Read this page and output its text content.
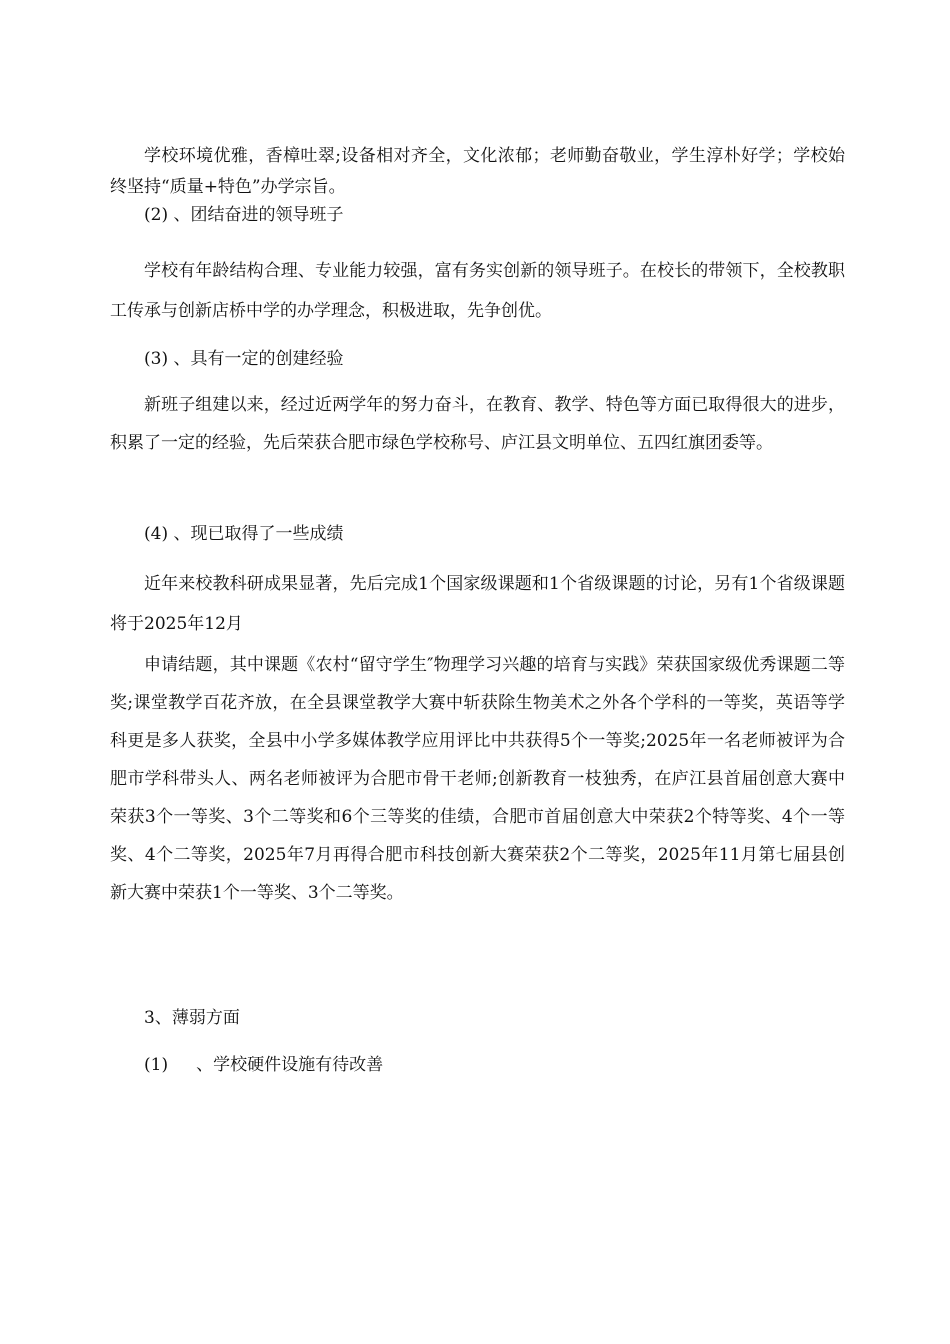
学校环境优雅，香樟吐翠;设备相对齐全，文化浓郁；老师勤奋敬业，学生淳朴好学；学校始终坚持“质量+特色”办学宗旨。

(2) 、团结奋进的领导班子

学校有年龄结构合理、专业能力较强，富有务实创新的领导班子。在校长的带领下，全校教职工传承与创新店桥中学的办学理念，积极进取，先争创优。

(3) 、具有一定的创建经验

新班子组建以来，经过近两学年的努力奋斗，在教育、教学、特色等方面已取得很大的进步，积累了一定的经验，先后荣获合肥市绿色学校称号、庐江县文明单位、五四红旗团委等。

(4) 、现已取得了一些成绩

近年来校教科研成果显著，先后完成1个国家级课题和1个省级课题的讨论，另有1个省级课题将于2025年12月

申请结题，其中课题《农村“留守学生″物理学习兴趣的培育与实践》荣获国家级优秀课题二等奖;课堂教学百花齐放，在全县课堂教学大赛中斩获除生物美术之外各个学科的一等奖，英语等学科更是多人获奖，全县中小学多媒体教学应用评比中共获得5个一等奖;2025年一名老师被评为合肥市学科带头人、两名老师被评为合肥市骨干老师;创新教育一枝独秀，在庐江县首届创意大赛中荣获3个一等奖、3个二等奖和6个三等奖的佳绩，合肥市首届创意大中荣获2个特等奖、4个一等奖、4个二等奖，2025年7月再得合肥市科技创新大赛荣获2个二等奖，2025年11月第七届县创新大赛中荣获1个一等奖、3个二等奖。

3、薄弱方面

(1) 、学校硬件设施有待改善
